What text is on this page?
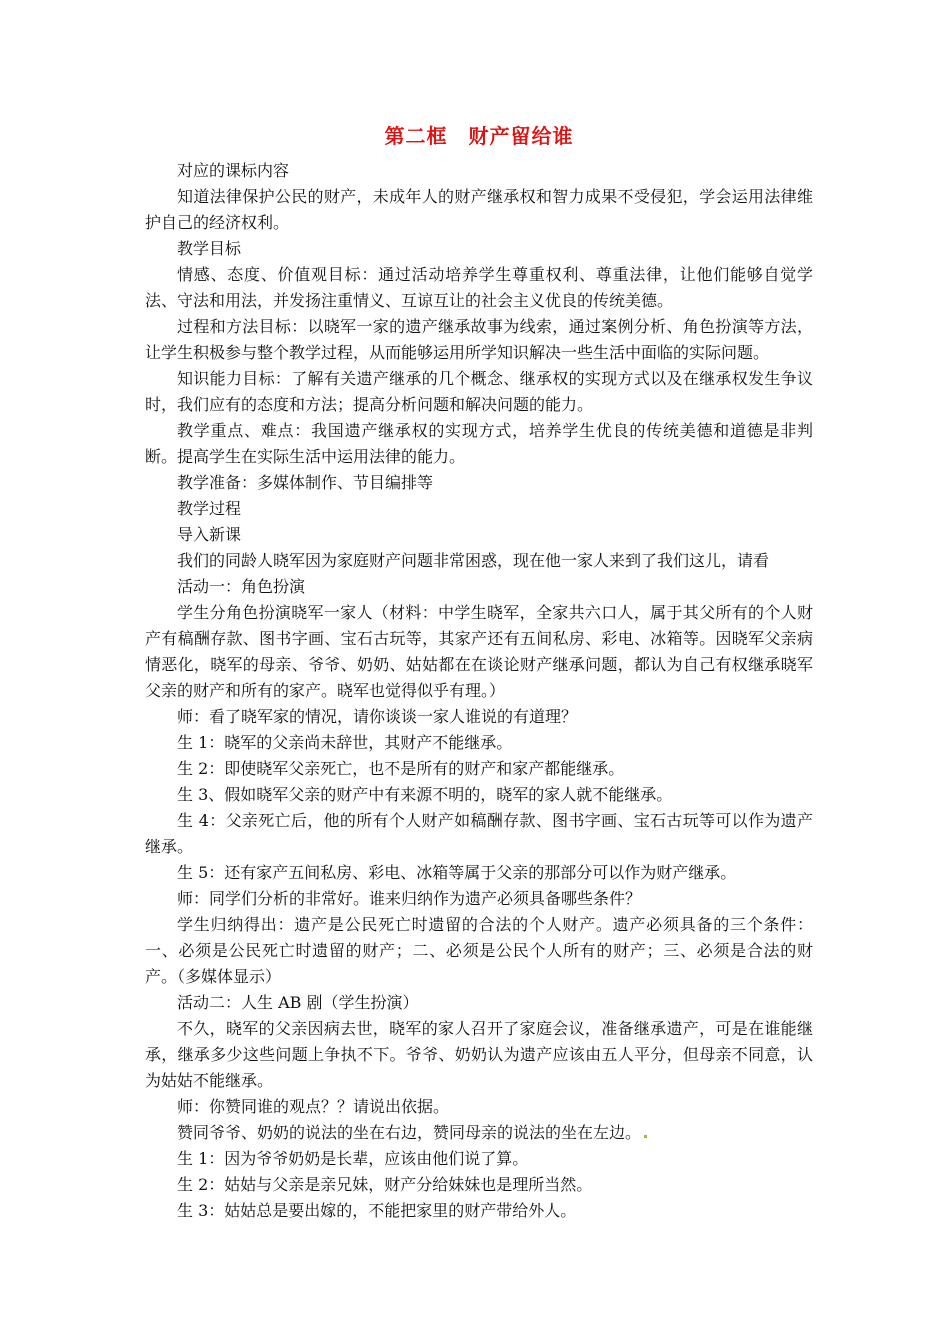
第二框　财产留给谁

对应的课标内容

知道法律保护公民的财产，未成年人的财产继承权和智力成果不受侵犯，学会运用法律维护自己的经济权利。

教学目标

情感、态度、价值观目标：通过活动培养学生尊重权利、尊重法律，让他们能够自觉学法、守法和用法，并发扬注重情义、互谅互让的社会主义优良的传统美德。

过程和方法目标：以晓军一家的遗产继承故事为线索，通过案例分析、角色扮演等方法，让学生积极参与整个教学过程，从而能够运用所学知识解决一些生活中面临的实际问题。

知识能力目标：了解有关遗产继承的几个概念、继承权的实现方式以及在继承权发生争议时，我们应有的态度和方法；提高分析问题和解决问题的能力。

教学重点、难点：我国遗产继承权的实现方式，培养学生优良的传统美德和道德是非判断。提高学生在实际生活中运用法律的能力。

教学准备：多媒体制作、节目编排等

教学过程

导入新课

我们的同龄人晓军因为家庭财产问题非常困惑，现在他一家人来到了我们这儿，请看

活动一：角色扮演

学生分角色扮演晓军一家人（材料：中学生晓军，全家共六口人，属于其父所有的个人财产有稿酬存款、图书字画、宝石古玩等，其家产还有五间私房、彩电、冰箱等。因晓军父亲病情恶化，晓军的母亲、爷爷、奶奶、姑姑都在在谈论财产继承问题，都认为自己有权继承晓军父亲的财产和所有的家产。晓军也觉得似乎有理。）

师：看了晓军家的情况，请你谈谈一家人谁说的有道理？

生 1：晓军的父亲尚未辞世，其财产不能继承。

生 2：即使晓军父亲死亡，也不是所有的财产和家产都能继承。

生 3、假如晓军父亲的财产中有来源不明的，晓军的家人就不能继承。

生 4：父亲死亡后，他的所有个人财产如稿酬存款、图书字画、宝石古玩等可以作为遗产继承。

生 5：还有家产五间私房、彩电、冰箱等属于父亲的那部分可以作为财产继承。

师：同学们分析的非常好。谁来归纳作为遗产必须具备哪些条件？

学生归纳得出：遗产是公民死亡时遗留的合法的个人财产。遗产必须具备的三个条件：一、必须是公民死亡时遗留的财产；二、必须是公民个人所有的财产；三、必须是合法的财产。（多媒体显示）

活动二：人生 AB 剧（学生扮演）

不久，晓军的父亲因病去世，晓军的家人召开了家庭会议，准备继承遗产，可是在谁能继承，继承多少这些问题上争执不下。爷爷、奶奶认为遗产应该由五人平分，但母亲不同意，认为姑姑不能继承。

师：你赞同谁的观点？？请说出依据。

赞同爷爷、奶奶的说法的坐在右边，赞同母亲的说法的坐在左边。

生 1：因为爷爷奶奶是长辈，应该由他们说了算。

生 2：姑姑与父亲是亲兄妹，财产分给妹妹也是理所当然。

生 3：姑姑总是要出嫁的，不能把家里的财产带给外人。
